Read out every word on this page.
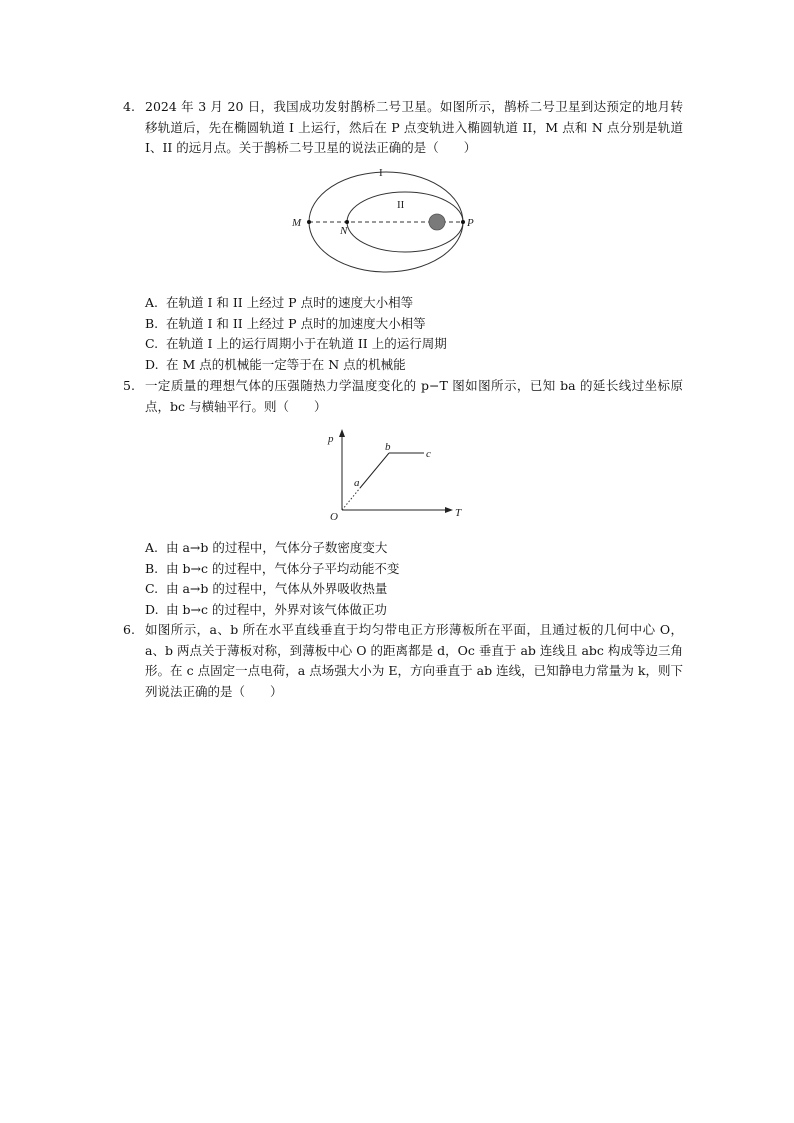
4. 2024 年 3 月 20 日，我国成功发射鹊桥二号卫星。如图所示，鹊桥二号卫星到达预定的地月转移轨道后，先在椭圆轨道 I 上运行，然后在 P 点变轨进入椭圆轨道 II，M 点和 N 点分别是轨道 I、II 的远月点。关于鹊桥二号卫星的说法正确的是（　　）
I
II
M
N
P
A. 在轨道 I 和 II 上经过 P 点时的速度大小相等
B. 在轨道 I 和 II 上经过 P 点时的加速度大小相等
C. 在轨道 I 上的运行周期小于在轨道 II 上的运行周期
D. 在 M 点的机械能一定等于在 N 点的机械能
5. 一定质量的理想气体的压强随热力学温度变化的 p−T 图如图所示，已知 ba 的延长线过坐标原点，bc 与横轴平行。则（　　）
p
T
O
a
b
c
A. 由 a→b 的过程中，气体分子数密度变大
B. 由 b→c 的过程中，气体分子平均动能不变
C. 由 a→b 的过程中，气体从外界吸收热量
D. 由 b→c 的过程中，外界对该气体做正功
6. 如图所示，a、b 所在水平直线垂直于均匀带电正方形薄板所在平面，且通过板的几何中心 O，a、b 两点关于薄板对称，到薄板中心 O 的距离都是 d，Oc 垂直于 ab 连线且 abc 构成等边三角形。在 c 点固定一点电荷，a 点场强大小为 E，方向垂直于 ab 连线，已知静电力常量为 k，则下列说法正确的是（　　）
